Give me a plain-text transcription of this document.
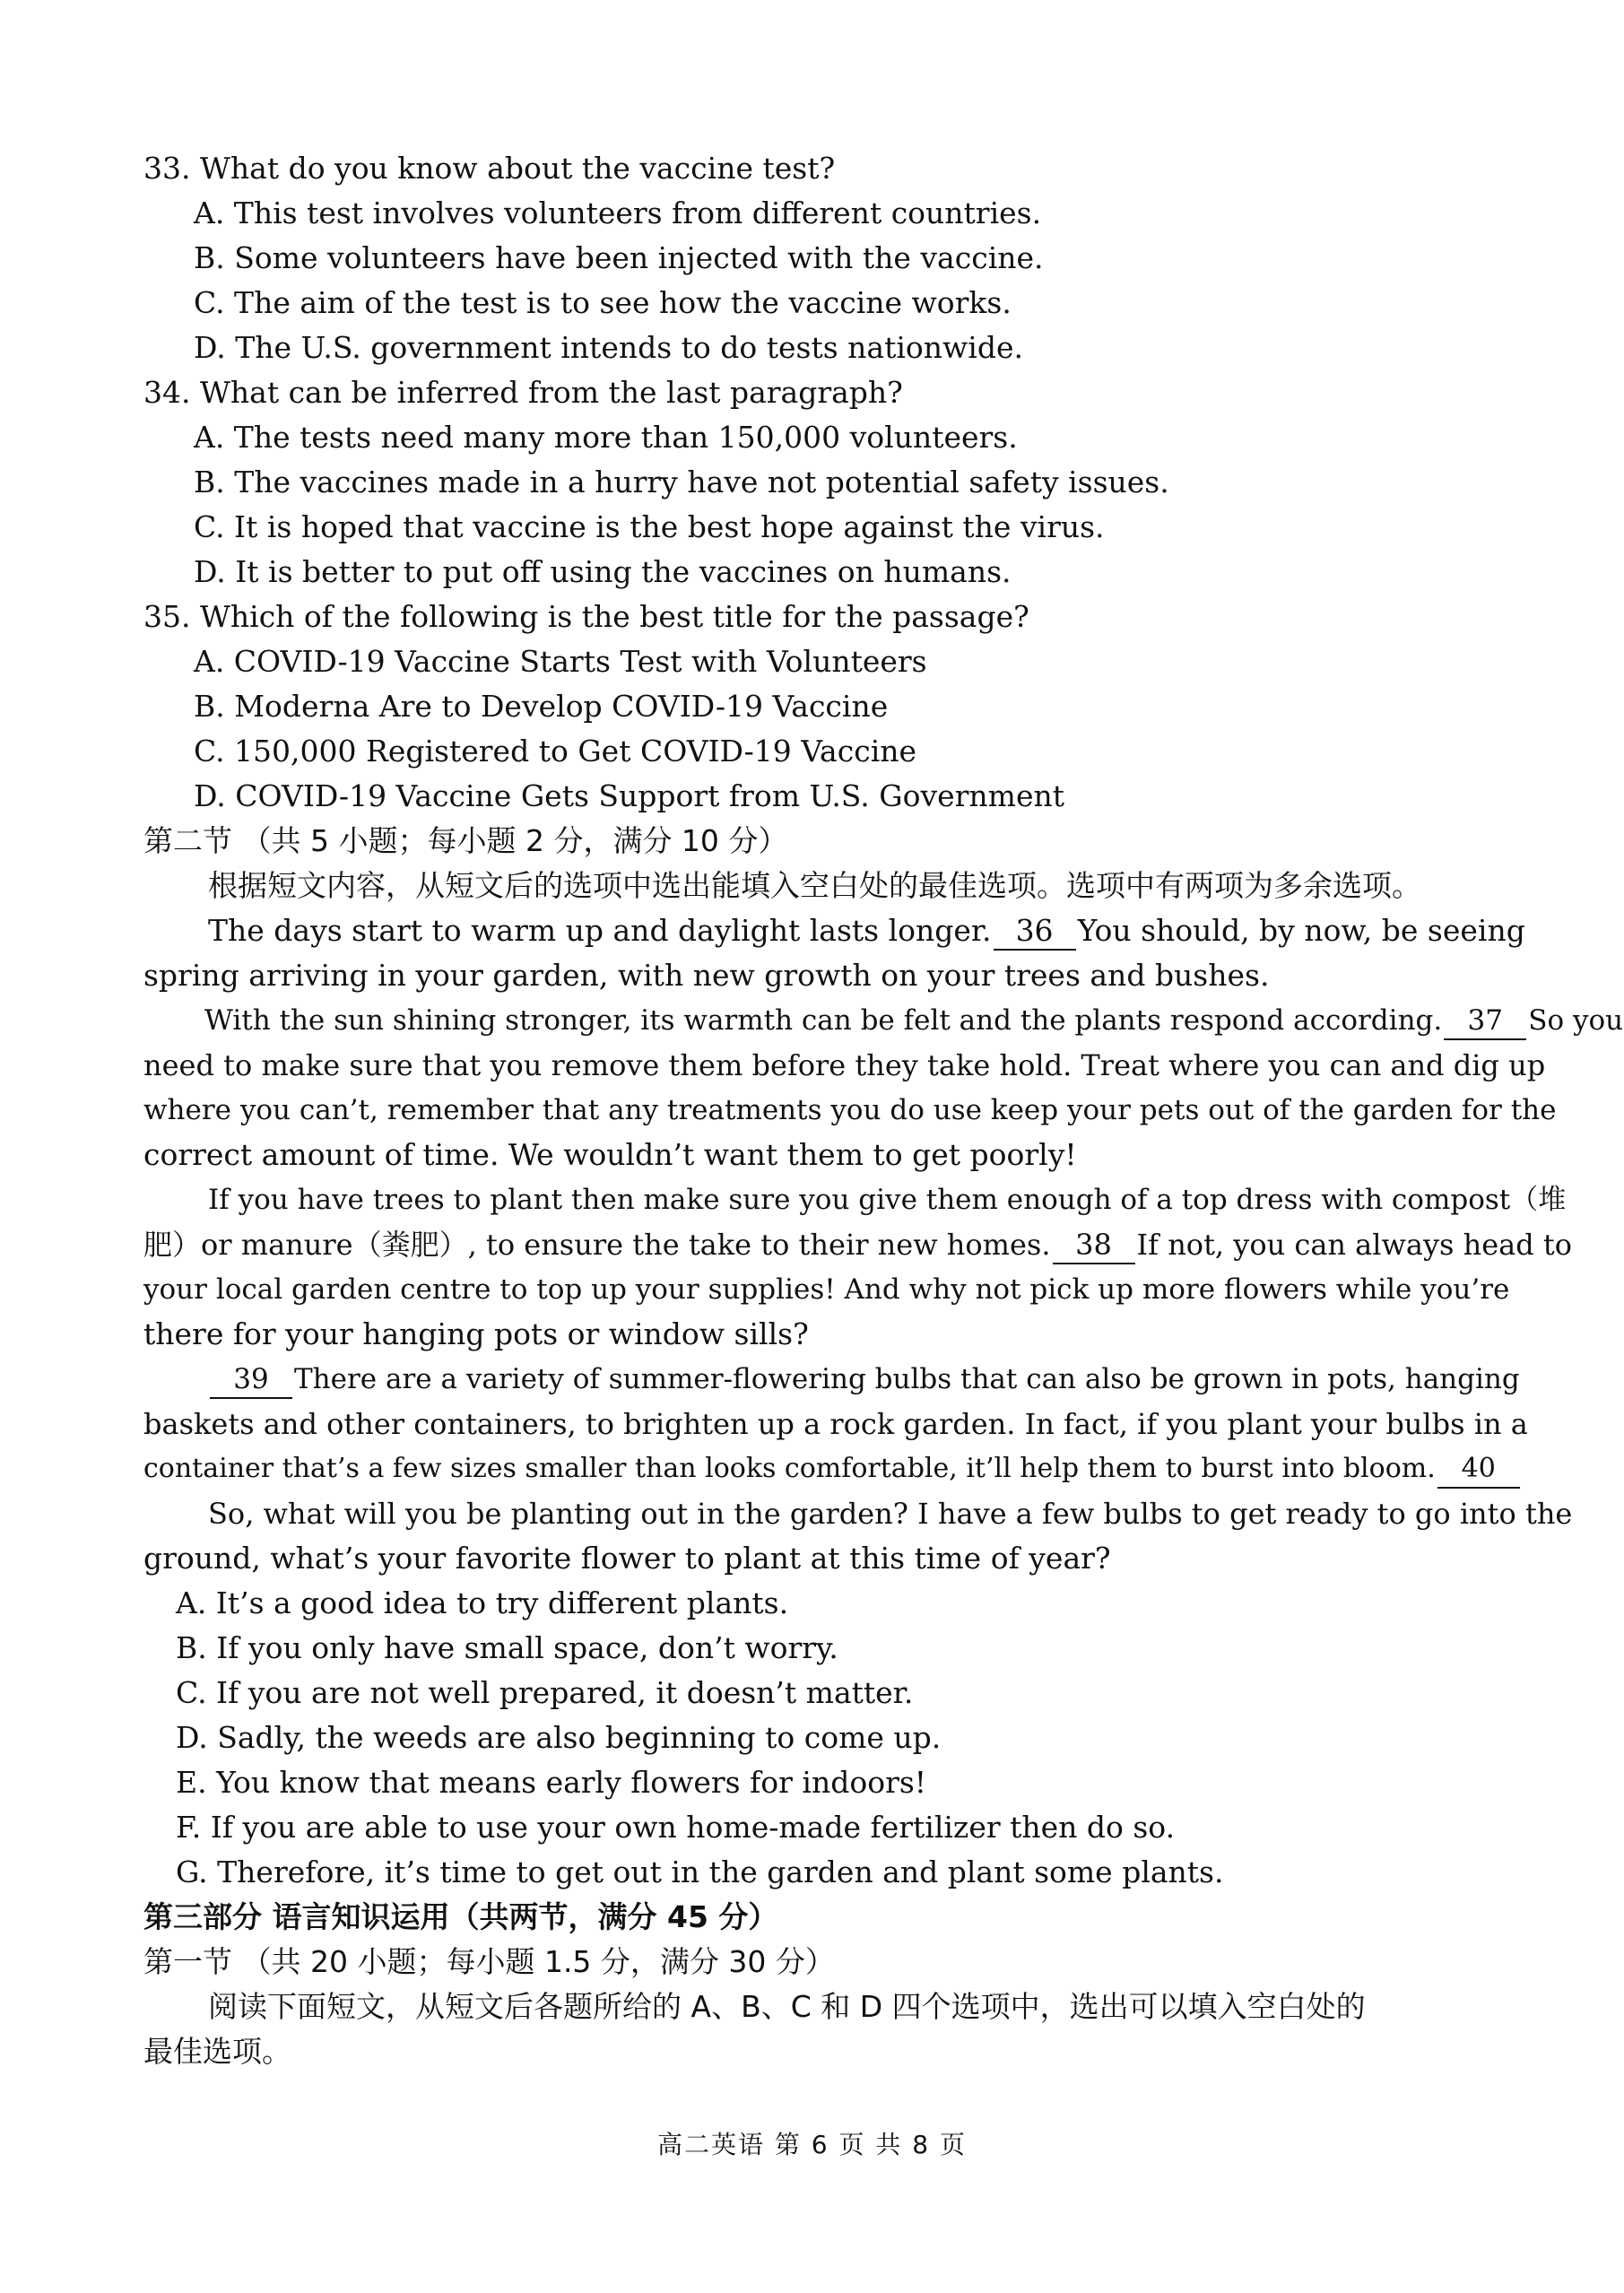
33. What do you know about the vaccine test?
A. This test involves volunteers from different countries.
B. Some volunteers have been injected with the vaccine.
C. The aim of the test is to see how the vaccine works.
D. The U.S. government intends to do tests nationwide.
34. What can be inferred from the last paragraph?
A. The tests need many more than 150,000 volunteers.
B. The vaccines made in a hurry have not potential safety issues.
C. It is hoped that vaccine is the best hope against the virus.
D. It is better to put off using the vaccines on humans.
35. Which of the following is the best title for the passage?
A. COVID-19 Vaccine Starts Test with Volunteers
B. Moderna Are to Develop COVID-19 Vaccine
C. 150,000 Registered to Get COVID-19 Vaccine
D. COVID-19 Vaccine Gets Support from U.S. Government
第二节 （共 5 小题；每小题 2 分，满分 10 分）
根据短文内容，从短文后的选项中选出能填入空白处的最佳选项。选项中有两项为多余选项。
The days start to warm up and daylight lasts longer. 36 You should, by now, be seeing
spring arriving in your garden, with new growth on your trees and bushes.
With the sun shining stronger, its warmth can be felt and the plants respond according. 37 So you
need to make sure that you remove them before they take hold. Treat where you can and dig up
where you can’t, remember that any treatments you do use keep your pets out of the garden for the
correct amount of time. We wouldn’t want them to get poorly!
If you have trees to plant then make sure you give them enough of a top dress with compost（堆
肥）or manure（粪肥）, to ensure the take to their new homes. 38 If not, you can always head to
your local garden centre to top up your supplies! And why not pick up more flowers while you’re
there for your hanging pots or window sills?
39 There are a variety of summer-flowering bulbs that can also be grown in pots, hanging
baskets and other containers, to brighten up a rock garden. In fact, if you plant your bulbs in a
container that’s a few sizes smaller than looks comfortable, it’ll help them to burst into bloom. 40
So, what will you be planting out in the garden? I have a few bulbs to get ready to go into the
ground, what’s your favorite flower to plant at this time of year?
A. It’s a good idea to try different plants.
B. If you only have small space, don’t worry.
C. If you are not well prepared, it doesn’t matter.
D. Sadly, the weeds are also beginning to come up.
E. You know that means early flowers for indoors!
F. If you are able to use your own home-made fertilizer then do so.
G. Therefore, it’s time to get out in the garden and plant some plants.
第三部分 语言知识运用（共两节，满分 45 分）
第一节 （共 20 小题；每小题 1.5 分，满分 30 分）
阅读下面短文，从短文后各题所给的 A、B、C 和 D 四个选项中，选出可以填入空白处的
最佳选项。
高二英语 第 6 页 共 8 页
